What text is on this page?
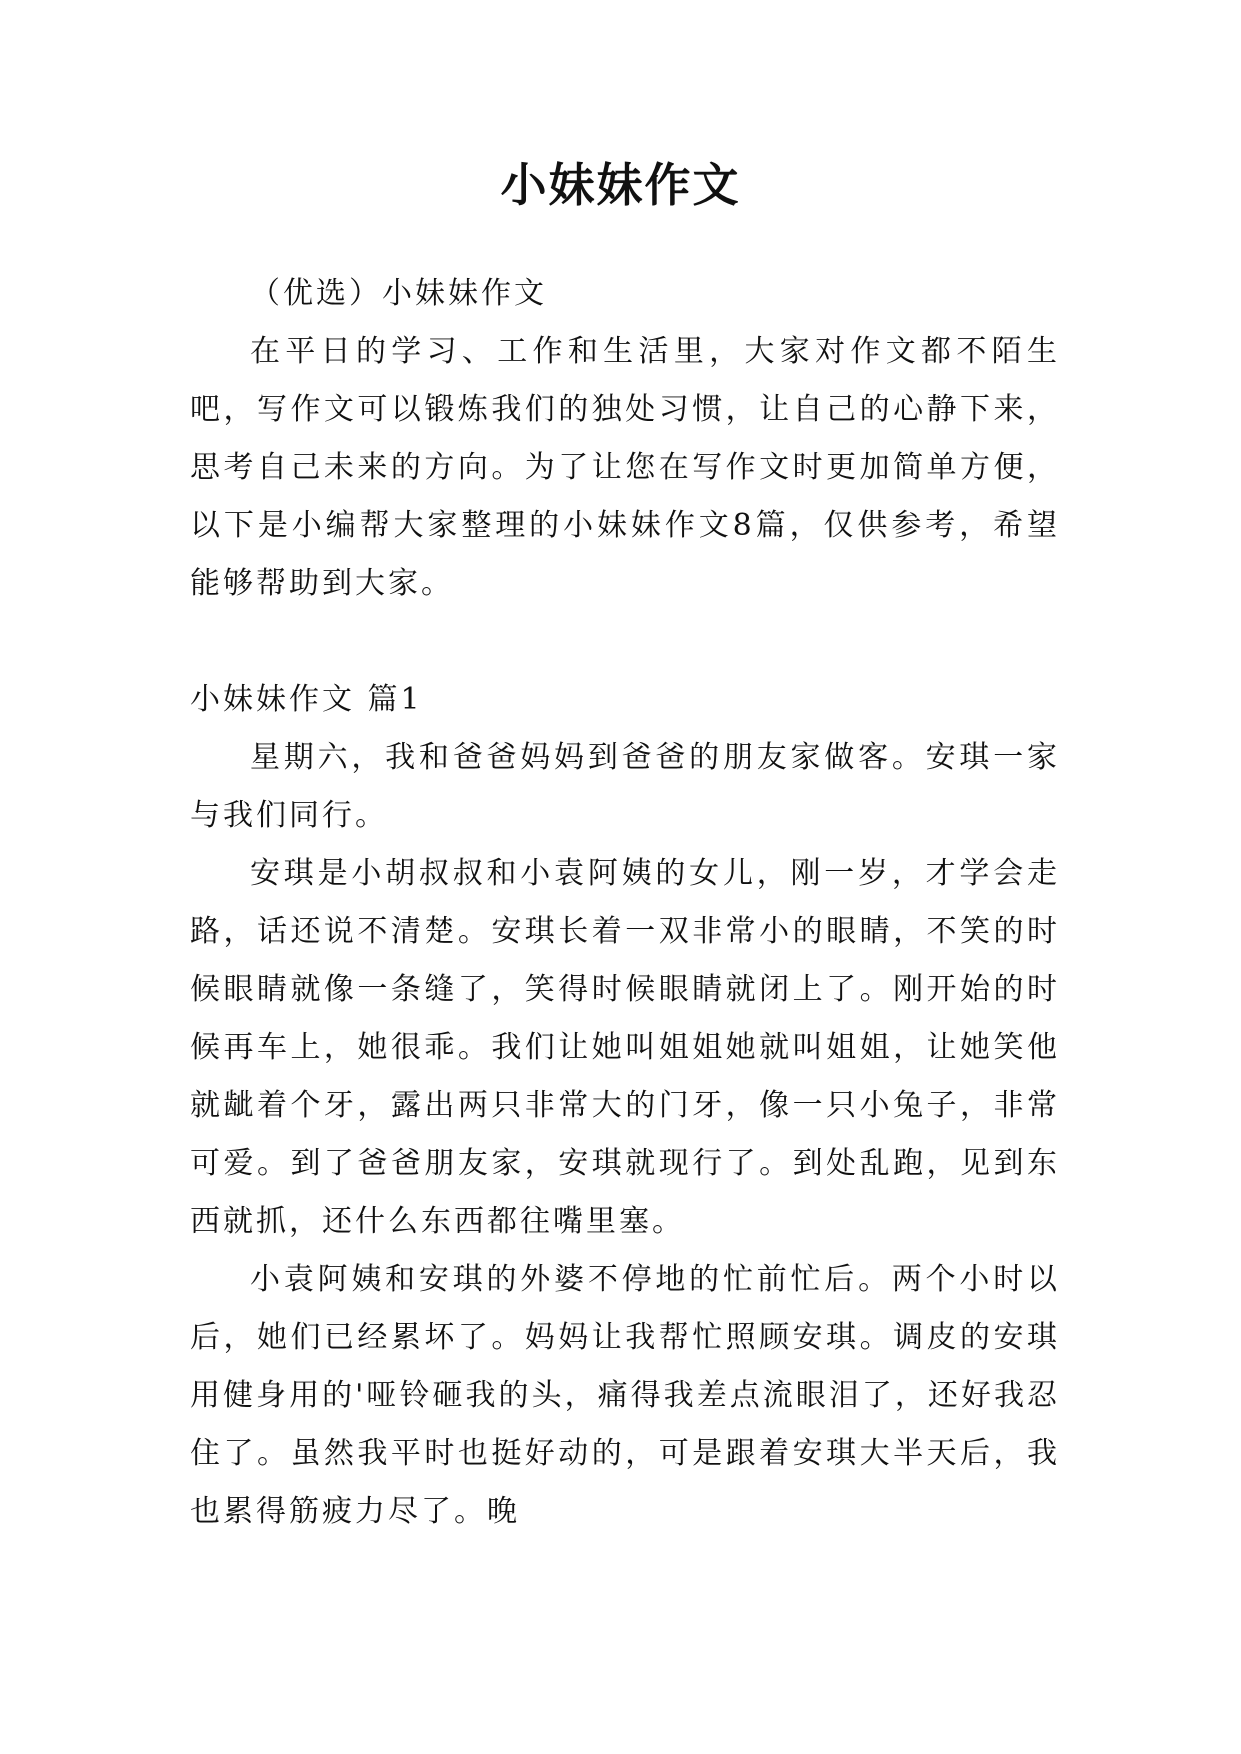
小妹妹作文

（优选）小妹妹作文

在平日的学习、工作和生活里，大家对作文都不陌生吧，写作文可以锻炼我们的独处习惯，让自己的心静下来，思考自己未来的方向。为了让您在写作文时更加简单方便，以下是小编帮大家整理的小妹妹作文8篇，仅供参考，希望能够帮助到大家。

小妹妹作文 篇1

星期六，我和爸爸妈妈到爸爸的朋友家做客。安琪一家与我们同行。

安琪是小胡叔叔和小袁阿姨的女儿，刚一岁，才学会走路，话还说不清楚。安琪长着一双非常小的眼睛，不笑的时候眼睛就像一条缝了，笑得时候眼睛就闭上了。刚开始的时候再车上，她很乖。我们让她叫姐姐她就叫姐姐，让她笑他就龇着个牙，露出两只非常大的门牙，像一只小兔子，非常可爱。到了爸爸朋友家，安琪就现行了。到处乱跑，见到东西就抓，还什么东西都往嘴里塞。

小袁阿姨和安琪的外婆不停地的忙前忙后。两个小时以后，她们已经累坏了。妈妈让我帮忙照顾安琪。调皮的安琪用健身用的'哑铃砸我的头，痛得我差点流眼泪了，还好我忍住了。虽然我平时也挺好动的，可是跟着安琪大半天后，我也累得筋疲力尽了。晚
